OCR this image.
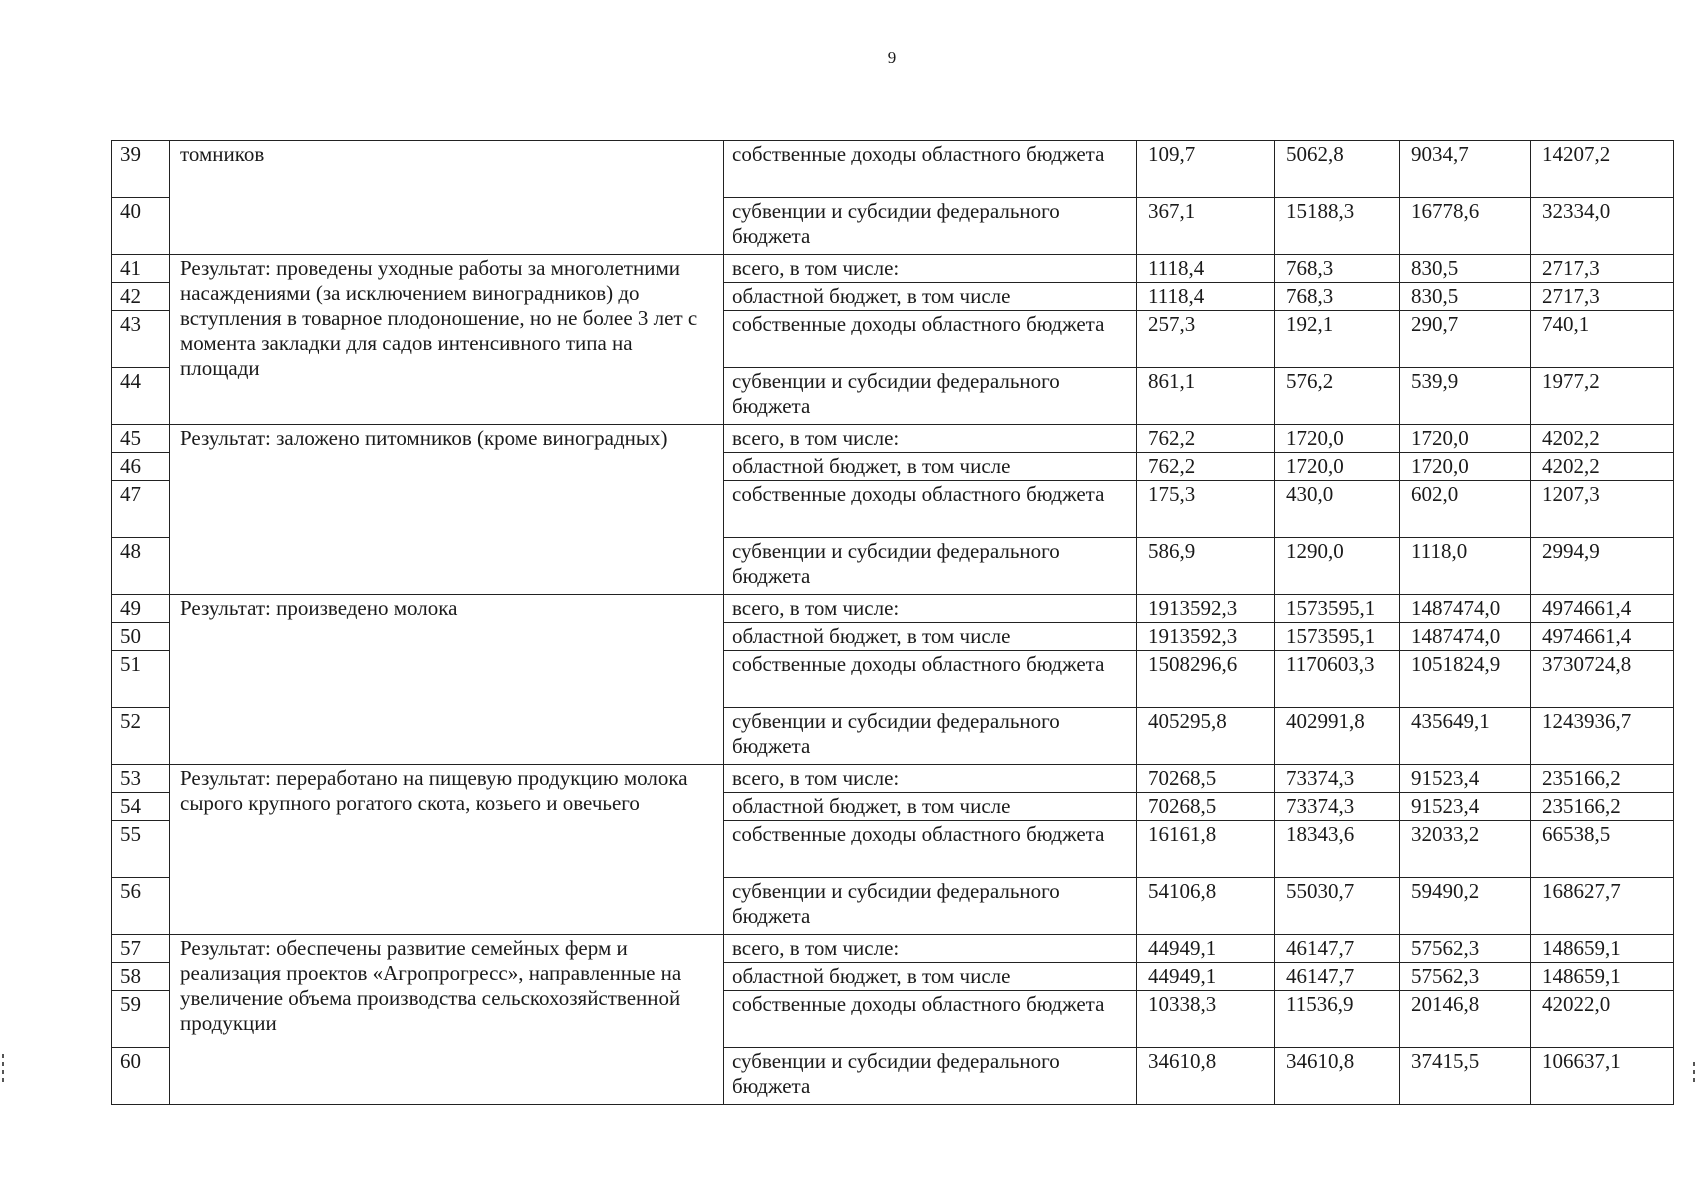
9
39	томников	собственные доходы областного бюджета	109,7	5062,8	9034,7	14207,2
40		субвенции и субсидии федерального бюджета	367,1	15188,3	16778,6	32334,0
41	Результат: проведены уходные работы за многолетними насаждениями (за исключением виноградников) до вступления в товарное плодоношение, но не более 3 лет с момента закладки для садов интенсивного типа на площади	всего, в том числе:	1118,4	768,3	830,5	2717,3
42		областной бюджет, в том числе	1118,4	768,3	830,5	2717,3
43		собственные доходы областного бюджета	257,3	192,1	290,7	740,1
44		субвенции и субсидии федерального бюджета	861,1	576,2	539,9	1977,2
45	Результат: заложено питомников (кроме виноградных)	всего, в том числе:	762,2	1720,0	1720,0	4202,2
46		областной бюджет, в том числе	762,2	1720,0	1720,0	4202,2
47		собственные доходы областного бюджета	175,3	430,0	602,0	1207,3
48		субвенции и субсидии федерального бюджета	586,9	1290,0	1118,0	2994,9
49	Результат: произведено молока	всего, в том числе:	1913592,3	1573595,1	1487474,0	4974661,4
50		областной бюджет, в том числе	1913592,3	1573595,1	1487474,0	4974661,4
51		собственные доходы областного бюджета	1508296,6	1170603,3	1051824,9	3730724,8
52		субвенции и субсидии федерального бюджета	405295,8	402991,8	435649,1	1243936,7
53	Результат: переработано на пищевую продукцию молока сырого крупного рогатого скота, козьего и овечьего	всего, в том числе:	70268,5	73374,3	91523,4	235166,2
54		областной бюджет, в том числе	70268,5	73374,3	91523,4	235166,2
55		собственные доходы областного бюджета	16161,8	18343,6	32033,2	66538,5
56		субвенции и субсидии федерального бюджета	54106,8	55030,7	59490,2	168627,7
57	Результат: обеспечены развитие семейных ферм и реализация проектов «Агропрогресс», направленные на увеличение объема производства сельскохозяйственной продукции	всего, в том числе:	44949,1	46147,7	57562,3	148659,1
58		областной бюджет, в том числе	44949,1	46147,7	57562,3	148659,1
59		собственные доходы областного бюджета	10338,3	11536,9	20146,8	42022,0
60		субвенции и субсидии федерального бюджета	34610,8	34610,8	37415,5	106637,1
